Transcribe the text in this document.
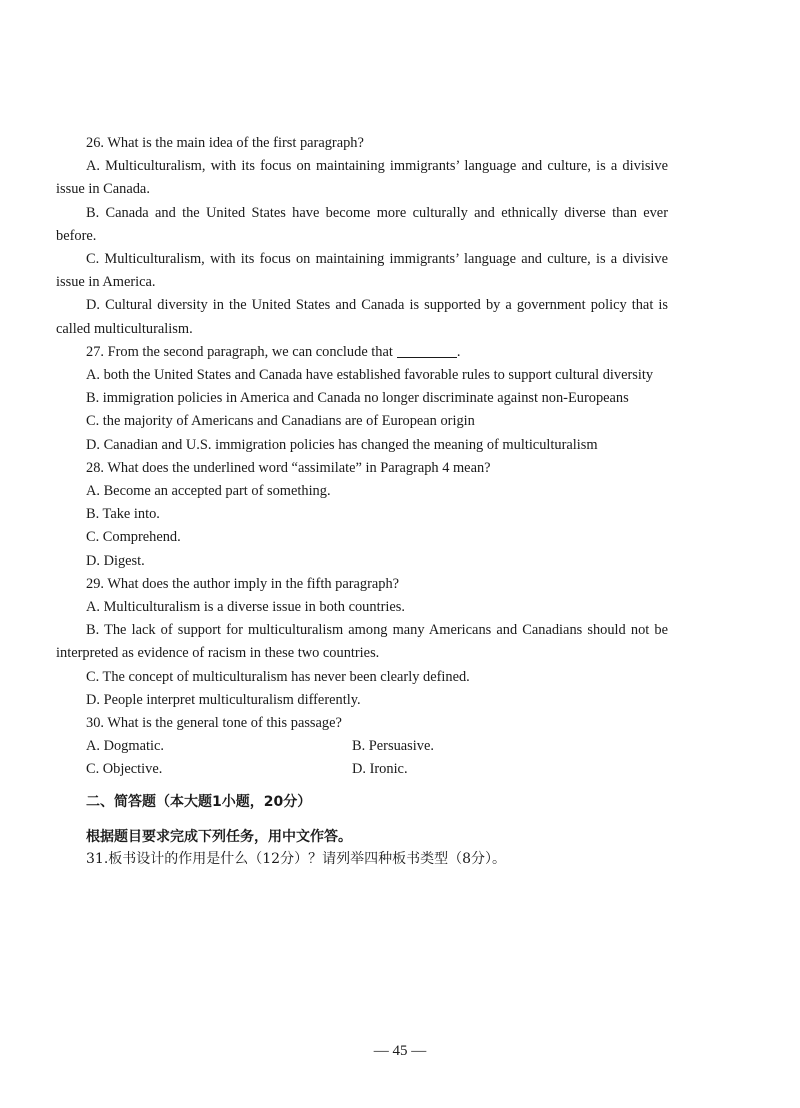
26. What is the main idea of the first paragraph?

A. Multiculturalism, with its focus on maintaining immigrants’ language and culture, is a divisive issue in Canada.

B. Canada and the United States have become more culturally and ethnically diverse than ever before.

C. Multiculturalism, with its focus on maintaining immigrants’ language and culture, is a divisive issue in America.

D. Cultural diversity in the United States and Canada is supported by a government policy that is called multiculturalism.

27. From the second paragraph, we can conclude that	.

A. both the United States and Canada have established favorable rules to support cultural diversity

B. immigration policies in America and Canada no longer discriminate against non-Europeans

C. the majority of Americans and Canadians are of European origin

D. Canadian and U.S. immigration policies has changed the meaning of multiculturalism

28. What does the underlined word “assimilate” in Paragraph 4 mean?

A. Become an accepted part of something.

B. Take into.

C. Comprehend.

D. Digest.

29. What does the author imply in the fifth paragraph?

A. Multiculturalism is a diverse issue in both countries.

B. The lack of support for multiculturalism among many Americans and Canadians should not be interpreted as evidence of racism in these two countries.

C. The concept of multiculturalism has never been clearly defined.

D. People interpret multiculturalism differently.

30. What is the general tone of this passage?

A. Dogmatic.	B. Persuasive.
C. Objective.	D. Ironic.
二、简答题（本大题1小题，20分）
根据题目要求完成下列任务，用中文作答。
31.板书设计的作用是什么（12分）？请列举四种板书类型（8分）。
— 45 —
